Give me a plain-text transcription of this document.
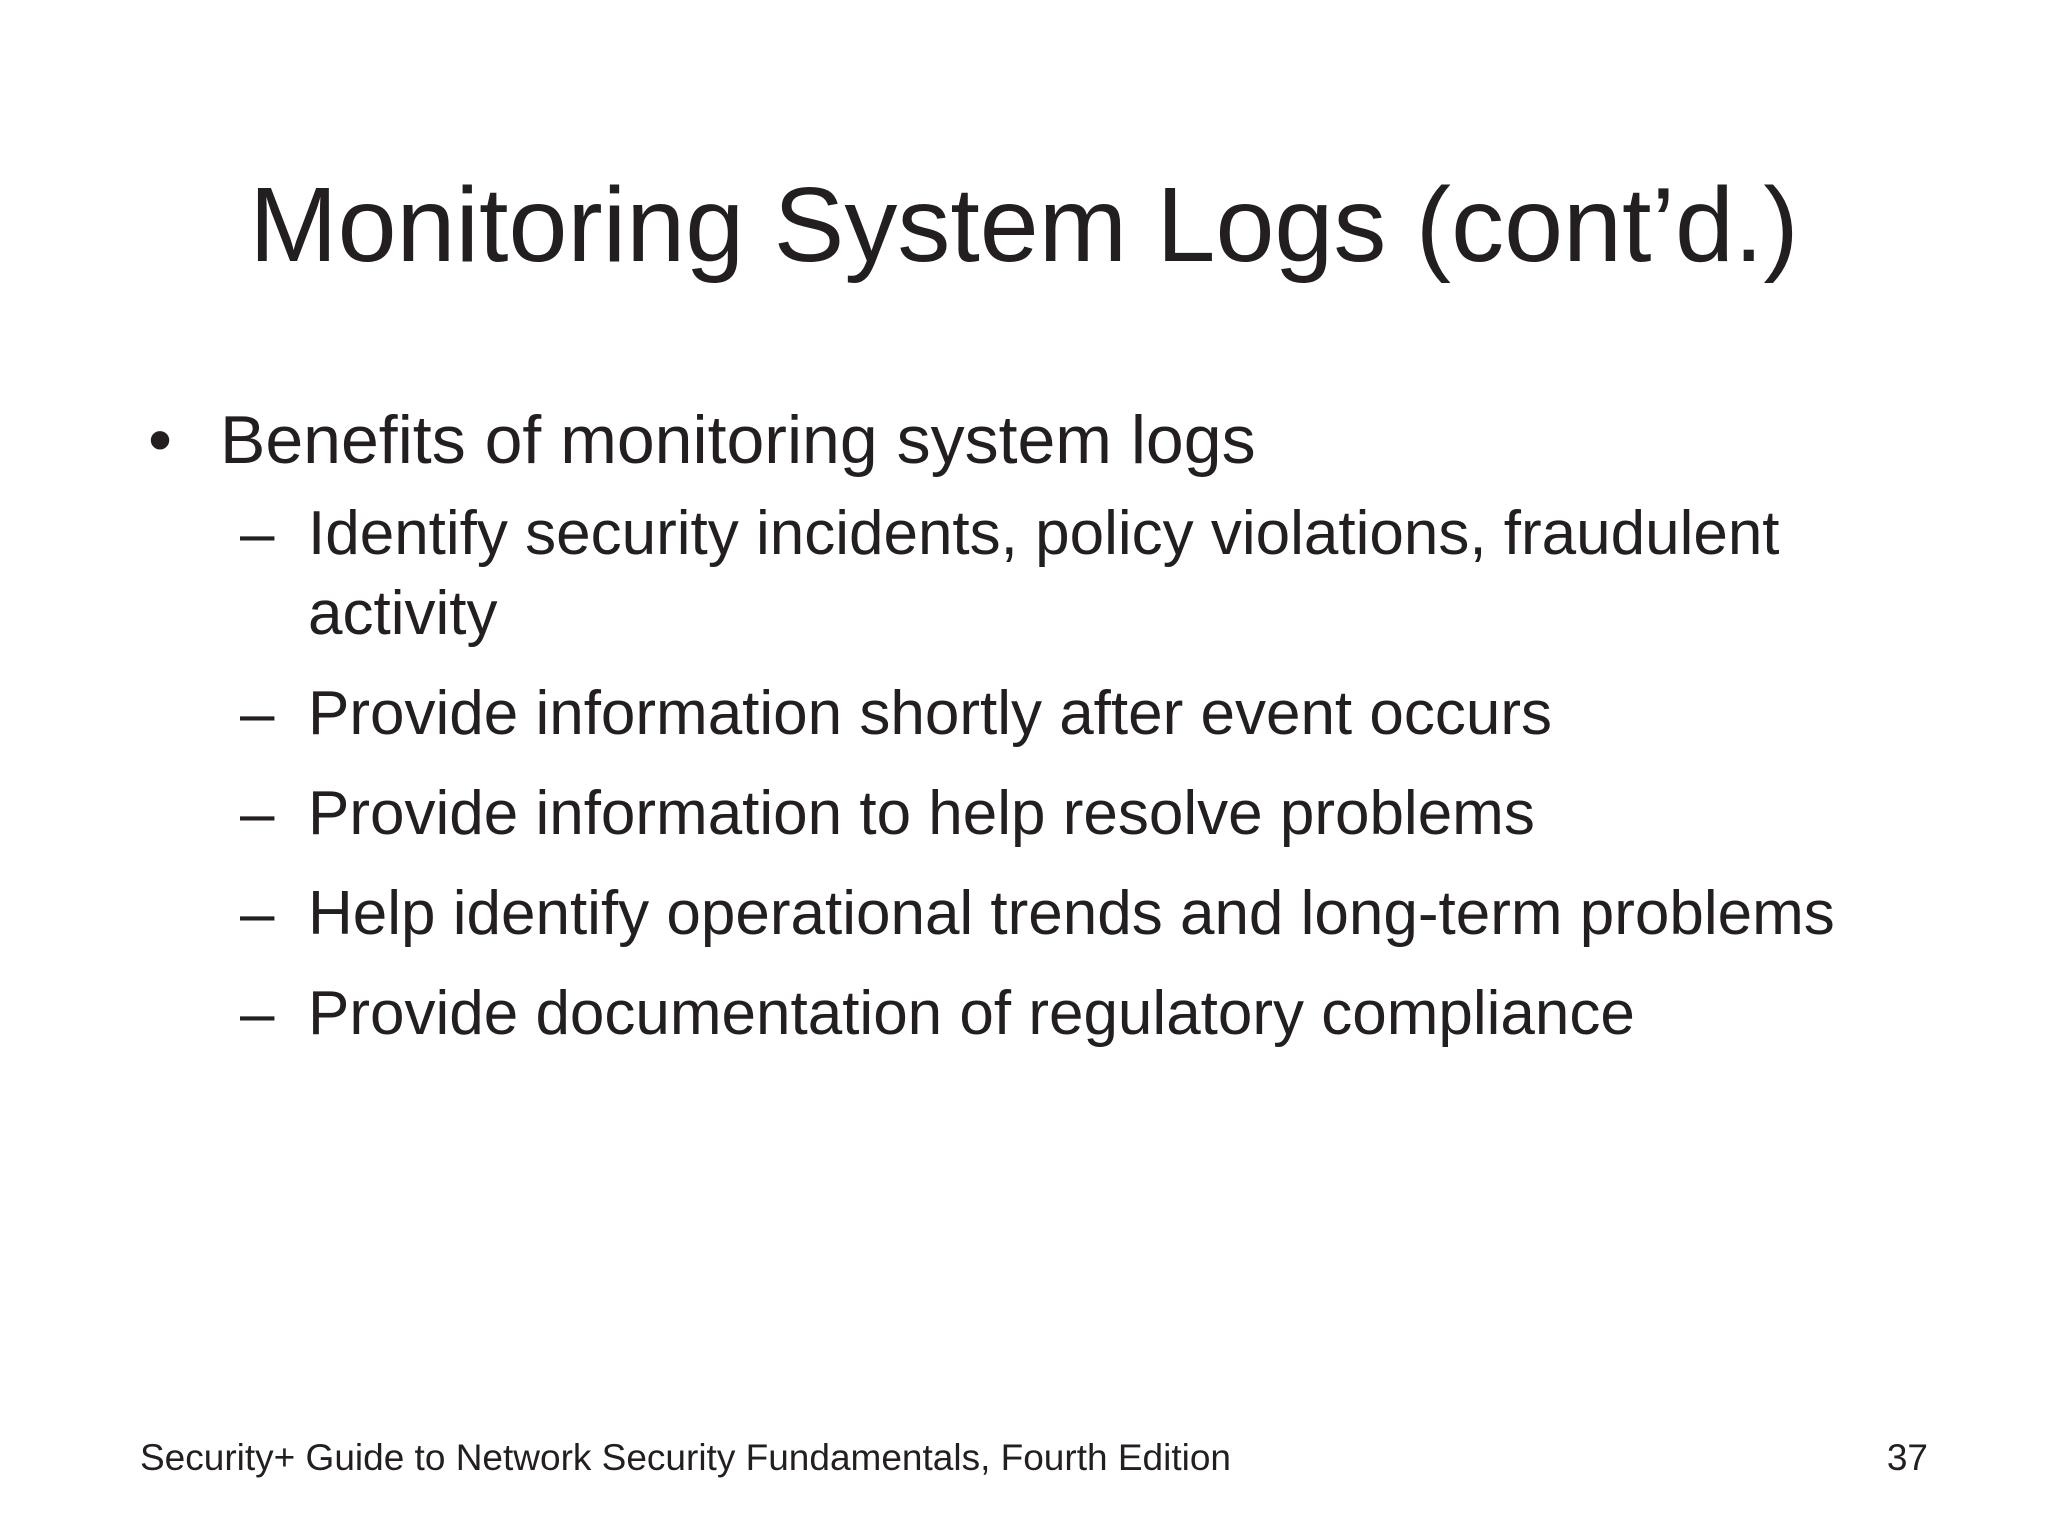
Monitoring System Logs (cont’d.)
• Benefits of monitoring system logs
– Identify security incidents, policy violations, fraudulent activity
– Provide information shortly after event occurs
– Provide information to help resolve problems
– Help identify operational trends and long-term problems
– Provide documentation of regulatory compliance
Security+ Guide to Network Security Fundamentals, Fourth Edition	37
